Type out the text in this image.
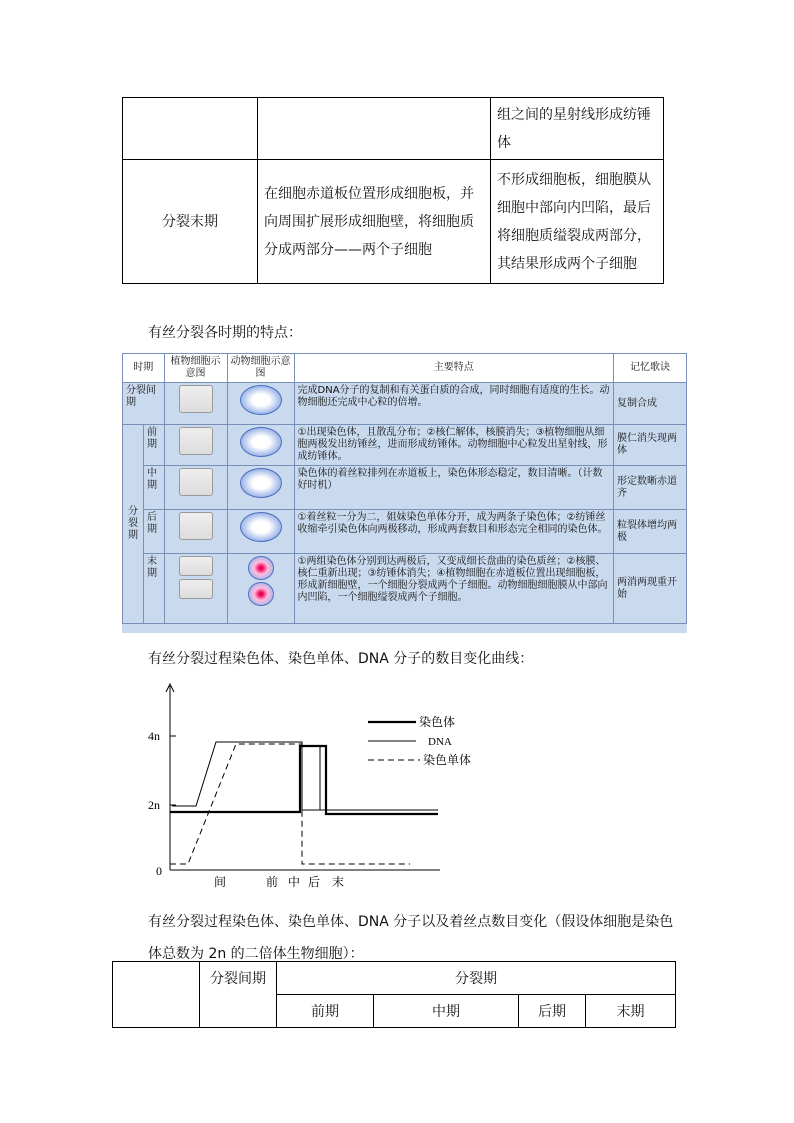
		组之间的星射线形成纺锤体
分裂末期	在细胞赤道板位置形成细胞板，并向周围扩展形成细胞壁，将细胞质分成两部分——两个子细胞	不形成细胞板，细胞膜从细胞中部向内凹陷，最后将细胞质缢裂成两部分，其结果形成两个子细胞
有丝分裂各时期的特点：
时期		植物细胞示意图	动物细胞示意图	主要特点	记忆歌诀
分裂间期				完成DNA分子的复制和有关蛋白质的合成，同时细胞有适度的生长。动物细胞还完成中心粒的倍增。	复制合成
分裂期	前期			①出现染色体，且散乱分布；②核仁解体，核膜消失；③植物细胞从细胞两极发出纺锤丝，进而形成纺锤体。动物细胞中心粒发出星射线，形成纺锤体。	膜仁消失现两体
	中期			染色体的着丝粒排列在赤道板上，染色体形态稳定，数目清晰。（计数好时机）	形定数晰赤道齐
	后期			①着丝粒一分为二，姐妹染色单体分开，成为两条子染色体；②纺锤丝收缩牵引染色体向两极移动，形成两套数目和形态完全相同的染色体。	粒裂体增均两极
	末期			①两组染色体分别到达两极后，又变成细长盘曲的染色质丝；②核膜、核仁重新出现；③纺锤体消失；④植物细胞在赤道板位置出现细胞板，形成新细胞壁，一个细胞分裂成两个子细胞。动物细胞细胞膜从中部向内凹陷，一个细胞缢裂成两个子细胞。	两消两现重开始
有丝分裂过程染色体、染色单体、DNA 分子的数目变化曲线：
4n
2n
0
间	前 中 后 末
染色体
DNA
染色单体
有丝分裂过程染色体、染色单体、DNA 分子以及着丝点数目变化（假设体细胞是染色体总数为 2n 的二倍体生物细胞）：
	分裂间期	分裂期			
		前期	中期	后期	末期
